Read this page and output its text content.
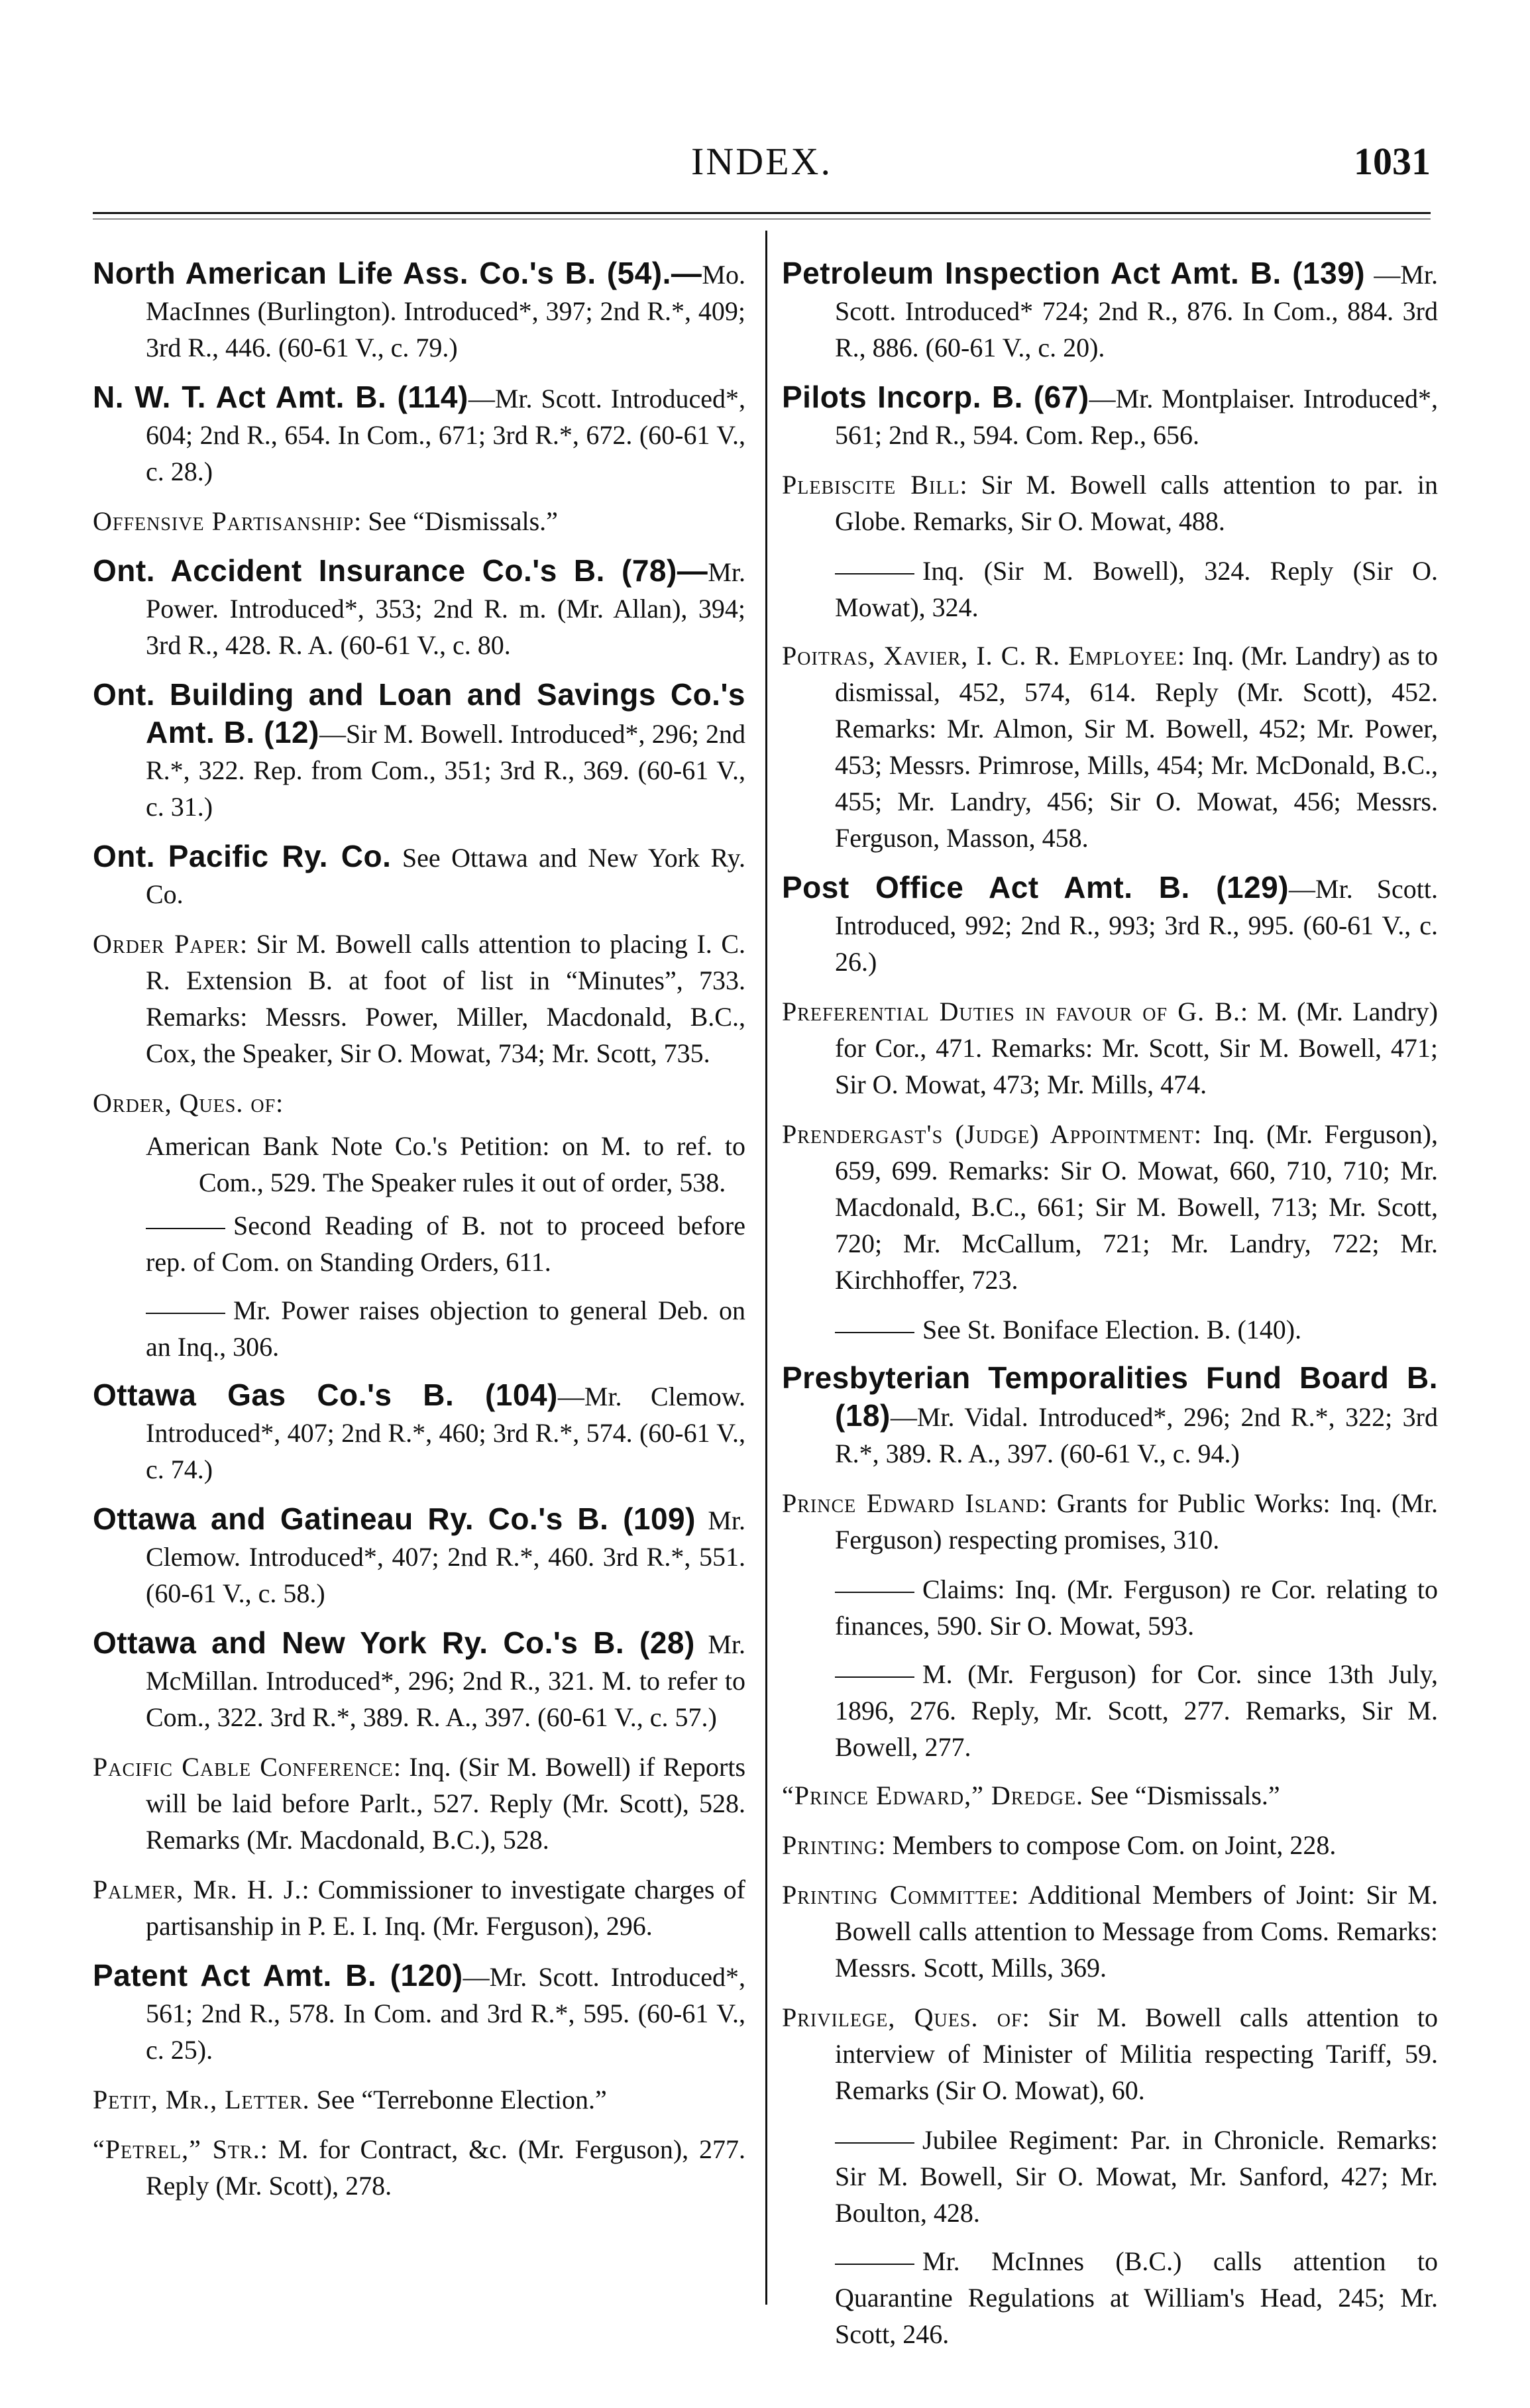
INDEX.	1031

North American Life Ass. Co.'s B. (54).—Mo. MacInnes (Burlington). Introduced*, 397; 2nd R.*, 409; 3rd R., 446. (60-61 V., c. 79.)

N. W. T. Act Amt. B. (114)—Mr. Scott. Introduced*, 604; 2nd R., 654. In Com., 671; 3rd R.*, 672. (60-61 V., c. 28.)

Offensive Partisanship: See “Dismissals.”

Ont. Accident Insurance Co.'s B. (78)—Mr. Power. Introduced*, 353; 2nd R. m. (Mr. Allan), 394; 3rd R., 428. R. A. (60-61 V., c. 80.

Ont. Building and Loan and Savings Co.'s Amt. B. (12)—Sir M. Bowell. Introduced*, 296; 2nd R.*, 322. Rep. from Com., 351; 3rd R., 369. (60-61 V., c. 31.)

Ont. Pacific Ry. Co. See Ottawa and New York Ry. Co.

Order Paper: Sir M. Bowell calls attention to placing I. C. R. Extension B. at foot of list in “Minutes”, 733. Remarks: Messrs. Power, Miller, Macdonald, B.C., Cox, the Speaker, Sir O. Mowat, 734; Mr. Scott, 735.

Order, Ques. of:

American Bank Note Co.'s Petition: on M. to ref. to Com., 529. The Speaker rules it out of order, 538.

Second Reading of B. not to proceed before rep. of Com. on Standing Orders, 611.

Mr. Power raises objection to general Deb. on an Inq., 306.

Ottawa Gas Co.'s B. (104)—Mr. Clemow. Introduced*, 407; 2nd R.*, 460; 3rd R.*, 574. (60-61 V., c. 74.)

Ottawa and Gatineau Ry. Co.'s B. (109) Mr. Clemow. Introduced*, 407; 2nd R.*, 460. 3rd R.*, 551. (60-61 V., c. 58.)

Ottawa and New York Ry. Co.'s B. (28) Mr. McMillan. Introduced*, 296; 2nd R., 321. M. to refer to Com., 322. 3rd R.*, 389. R. A., 397. (60-61 V., c. 57.)

Pacific Cable Conference: Inq. (Sir M. Bowell) if Reports will be laid before Parlt., 527. Reply (Mr. Scott), 528. Remarks (Mr. Macdonald, B.C.), 528.

Palmer, Mr. H. J.: Commissioner to investigate charges of partisanship in P. E. I. Inq. (Mr. Ferguson), 296.

Patent Act Amt. B. (120)—Mr. Scott. Introduced*, 561; 2nd R., 578. In Com. and 3rd R.*, 595. (60-61 V., c. 25).

Petit, Mr., Letter. See “Terrebonne Election.”

“Petrel,” Str.: M. for Contract, &c. (Mr. Ferguson), 277. Reply (Mr. Scott), 278.

Petroleum Inspection Act Amt. B. (139) —Mr. Scott. Introduced* 724; 2nd R., 876. In Com., 884. 3rd R., 886. (60-61 V., c. 20).

Pilots Incorp. B. (67)—Mr. Montplaiser. Introduced*, 561; 2nd R., 594. Com. Rep., 656.

Plebiscite Bill: Sir M. Bowell calls attention to par. in Globe. Remarks, Sir O. Mowat, 488.

Inq. (Sir M. Bowell), 324. Reply (Sir O. Mowat), 324.

Poitras, Xavier, I. C. R. Employee: Inq. (Mr. Landry) as to dismissal, 452, 574, 614. Reply (Mr. Scott), 452. Remarks: Mr. Almon, Sir M. Bowell, 452; Mr. Power, 453; Messrs. Primrose, Mills, 454; Mr. McDonald, B.C., 455; Mr. Landry, 456; Sir O. Mowat, 456; Messrs. Ferguson, Masson, 458.

Post Office Act Amt. B. (129)—Mr. Scott. Introduced, 992; 2nd R., 993; 3rd R., 995. (60-61 V., c. 26.)

Preferential Duties in favour of G. B.: M. (Mr. Landry) for Cor., 471. Remarks: Mr. Scott, Sir M. Bowell, 471; Sir O. Mowat, 473; Mr. Mills, 474.

Prendergast's (Judge) Appointment: Inq. (Mr. Ferguson), 659, 699. Remarks: Sir O. Mowat, 660, 710, 710; Mr. Macdonald, B.C., 661; Sir M. Bowell, 713; Mr. Scott, 720; Mr. McCallum, 721; Mr. Landry, 722; Mr. Kirchhoffer, 723.

See St. Boniface Election. B. (140).

Presbyterian Temporalities Fund Board B. (18)—Mr. Vidal. Introduced*, 296; 2nd R.*, 322; 3rd R.*, 389. R. A., 397. (60-61 V., c. 94.)

Prince Edward Island: Grants for Public Works: Inq. (Mr. Ferguson) respecting promises, 310.

Claims: Inq. (Mr. Ferguson) re Cor. relating to finances, 590. Sir O. Mowat, 593.

M. (Mr. Ferguson) for Cor. since 13th July, 1896, 276. Reply, Mr. Scott, 277. Remarks, Sir M. Bowell, 277.

“Prince Edward,” Dredge. See “Dismissals.”

Printing: Members to compose Com. on Joint, 228.

Printing Committee: Additional Members of Joint: Sir M. Bowell calls attention to Message from Coms. Remarks: Messrs. Scott, Mills, 369.

Privilege, Ques. of: Sir M. Bowell calls attention to interview of Minister of Militia respecting Tariff, 59. Remarks (Sir O. Mowat), 60.

Jubilee Regiment: Par. in Chronicle. Remarks: Sir M. Bowell, Sir O. Mowat, Mr. Sanford, 427; Mr. Boulton, 428.

Mr. McInnes (B.C.) calls attention to Quarantine Regulations at William's Head, 245; Mr. Scott, 246.
